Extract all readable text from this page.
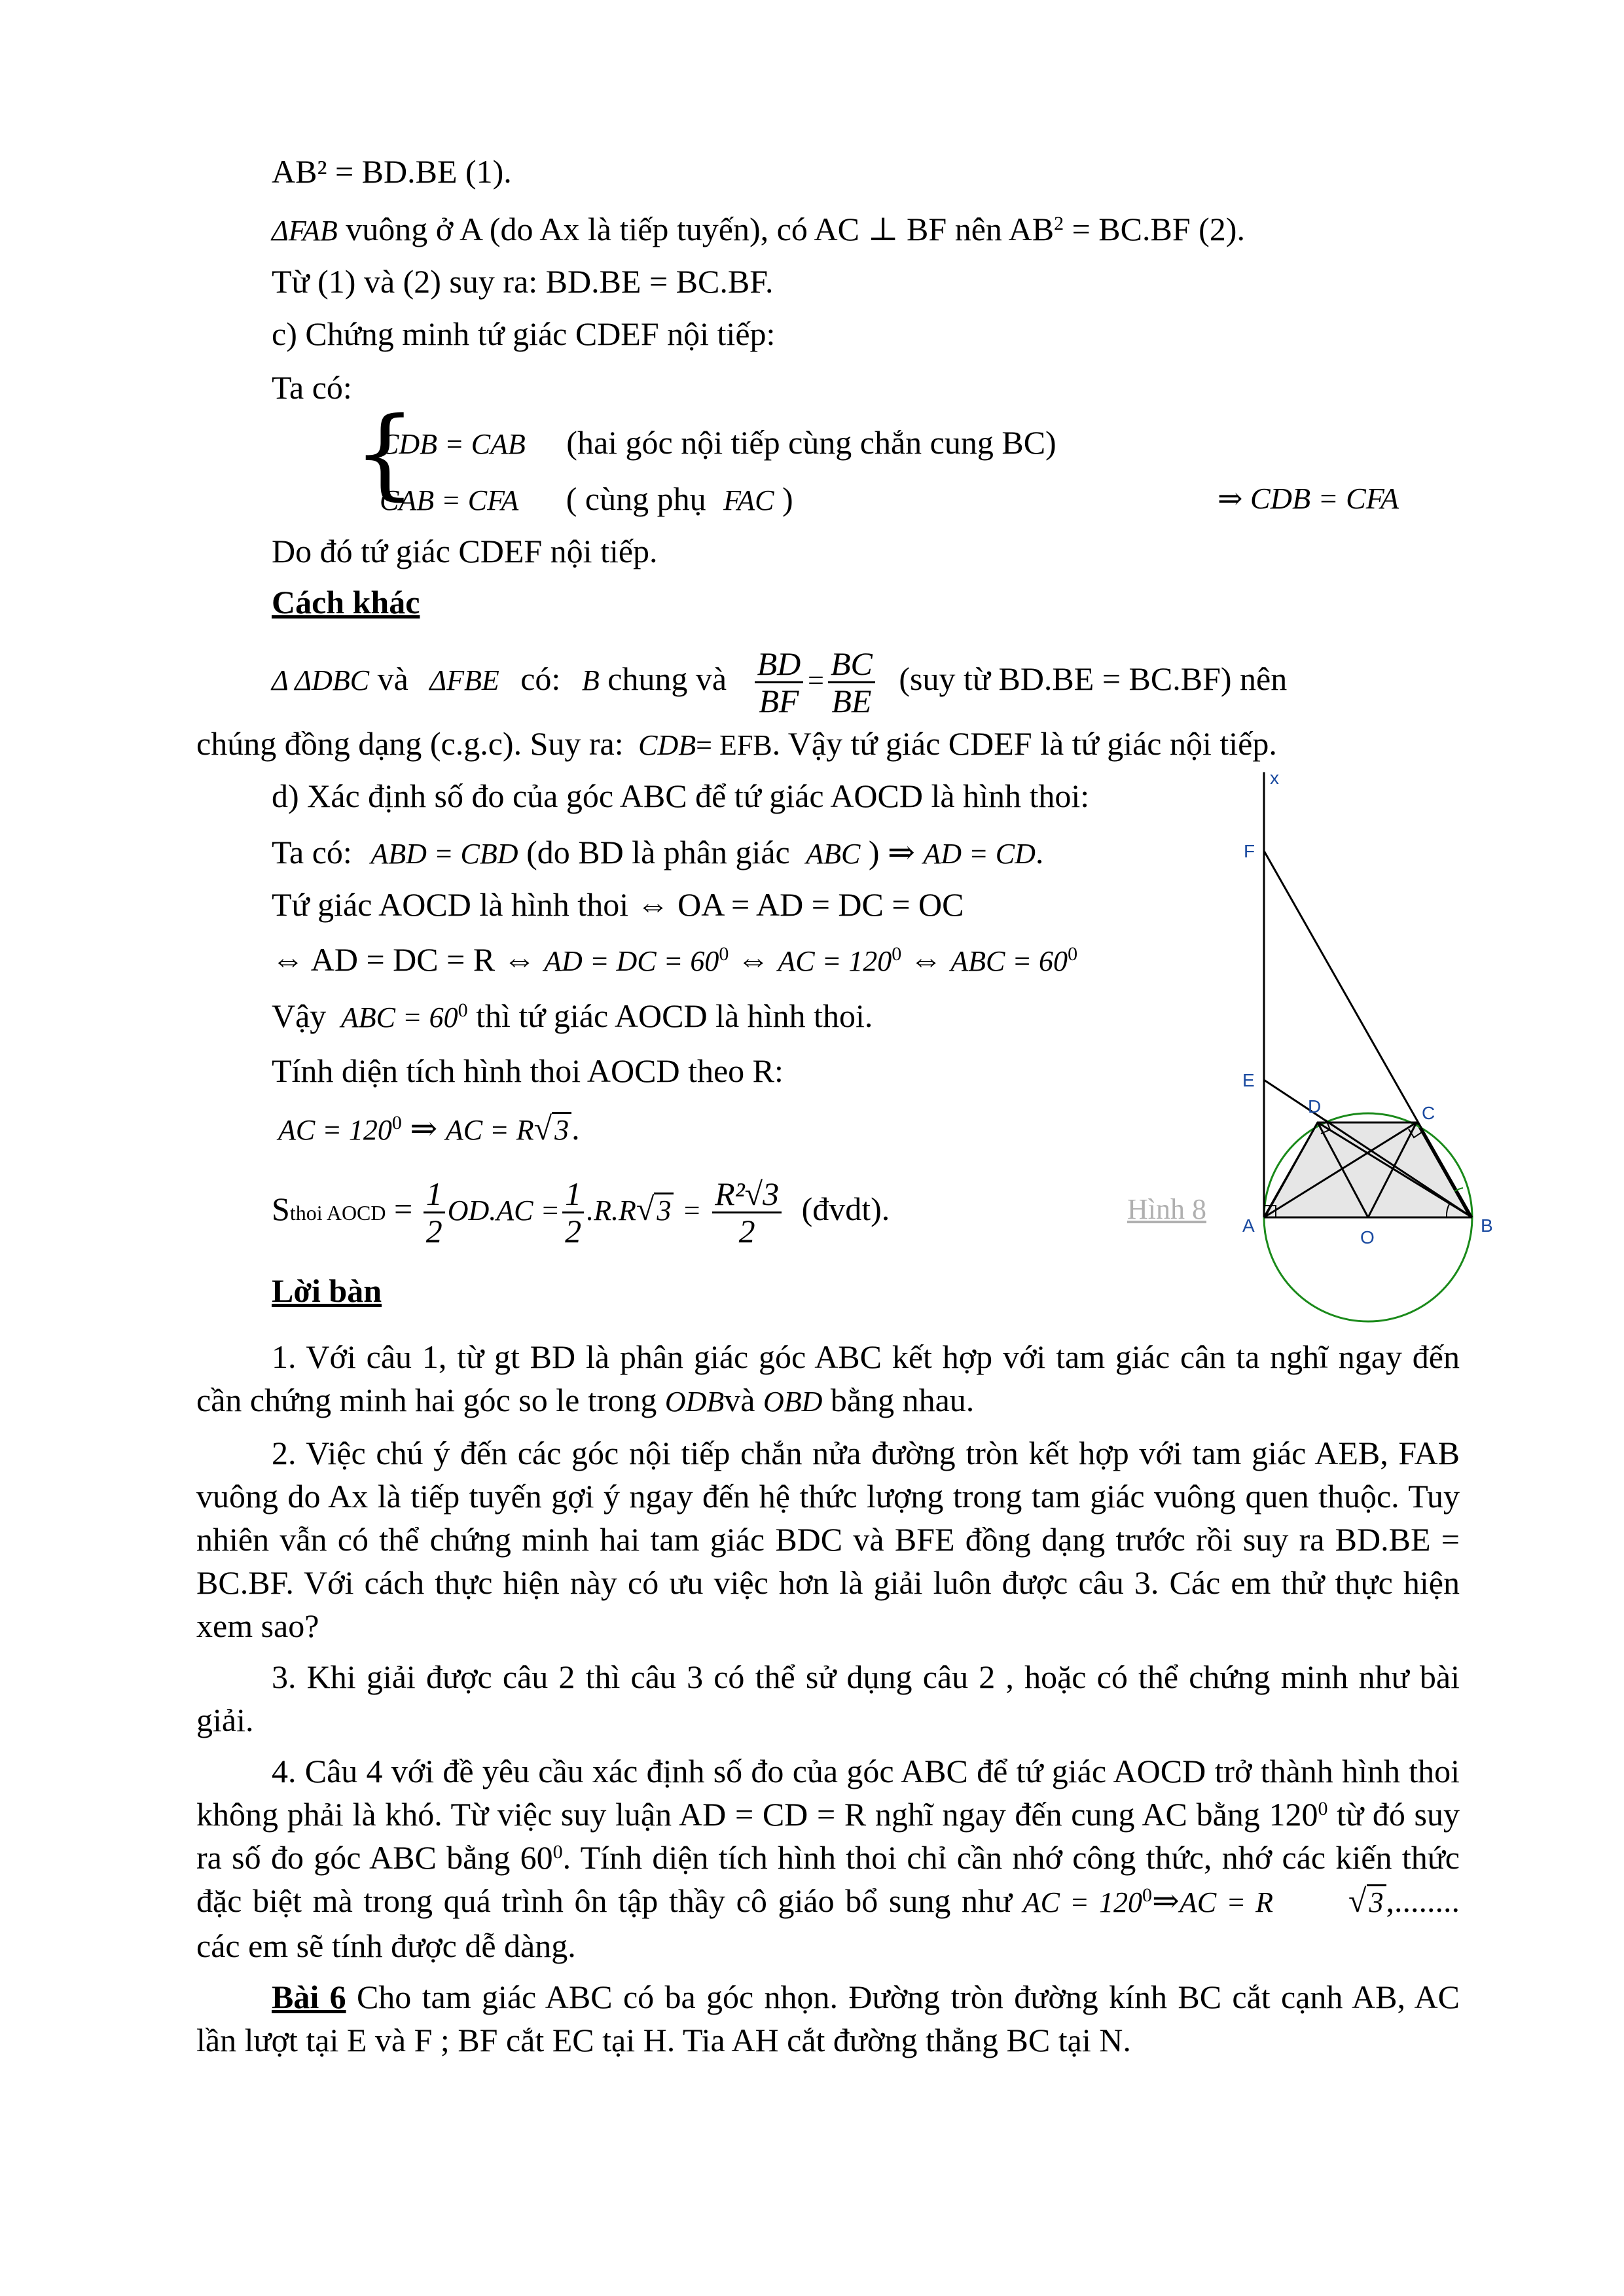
AB² = BD.BE (1).
ΔFAB vuông ở A (do Ax là tiếp tuyến), có AC ⊥ BF nên $AB^2 = BC.BF$ (2).
Từ (1) và (2) suy ra: BD.BE = BC.BF.
c) Chứng minh tứ giác CDEF nội tiếp:
Ta có:
{
CDB = CAB (hai góc nội tiếp cùng chắn cung BC)
CAB = CFA ( cùng phụ FAC )	⇒ CDB = CFA
Do đó tứ giác CDEF nội tiếp.
Cách khác
Δ ΔDBC và ΔFBE có: B chung và $\frac{BD}{BF} = \frac{BC}{BE} (suy$ từ BD.BE = BC.BF) nên
chúng đồng dạng (c.g.c). Suy ra: CDB= EFB. Vậy tứ giác CDEF là tứ giác nội tiếp.
d) Xác định số đo của góc ABC để tứ giác AOCD là hình thoi:
Ta có: ABD = CBD (do BD là phân giác ABC ) ⇒ AD = CD.
Tứ giác AOCD là hình thoi ⇔ OA = AD = DC = OC
⇔ AD = DC = R ⇔ AD = DC = $60^0$ ⇔ AC = $120^0$ ⇔ ABC = $60^0$
Vậy ABC = $60^0$ thì tứ giác AOCD là hình thoi.
Tính diện tích hình thoi AOCD theo R:
AC = $120^0$ ⇒ AC = R√3.
Sthoi AOCD = $\frac{1}{2} OD.AC = \frac{1}{2} .R.R√3 = \frac{\text{R²√3}}{2}$ (đvdt).	Hình 8
Lời bàn
x
F
E
D	C
A
O
B

1. Với câu 1, từ gt BD là phân giác góc ABC kết hợp với tam giác cân ta nghĩ ngay đến cần chứng minh hai góc so le trong ODBvà OBD bằng nhau.

2. Việc chú ý đến các góc nội tiếp chắn nửa đường tròn kết hợp với tam giác AEB, FAB vuông do Ax là tiếp tuyến gợi ý ngay đến hệ thức lượng trong tam giác vuông quen thuộc. Tuy nhiên vẫn có thể chứng minh hai tam giác BDC và BFE đồng dạng trước rồi suy ra BD.BE = BC.BF. Với cách thực hiện này có ưu việc hơn là giải luôn được câu 3. Các em thử thực hiện xem sao?

3. Khi giải được câu 2 thì câu 3 có thể sử dụng câu 2 , hoặc có thể chứng minh như bài giải.

4. Câu 4 với đề yêu cầu xác định số đo của góc ABC để tứ giác AOCD trở thành hình thoi không phải là khó. Từ việc suy luận AD = CD = R nghĩ ngay đến cung AC bằng $120^0$ từ đó suy ra số đo góc ABC bằng $60^0$. Tính diện tích hình thoi chỉ cần nhớ công thức, nhớ các kiến thức đặc biệt mà trong quá trình ôn tập thầy cô giáo bổ sung như AC = $120^0\Rightarrow AC = R$ √3,........ các em sẽ tính được dễ dàng.

Bài 6 Cho tam giác ABC có ba góc nhọn. Đường tròn đường kính BC cắt cạnh AB, AC lần lượt tại E và F ; BF cắt EC tại H. Tia AH cắt đường thẳng BC tại N.
